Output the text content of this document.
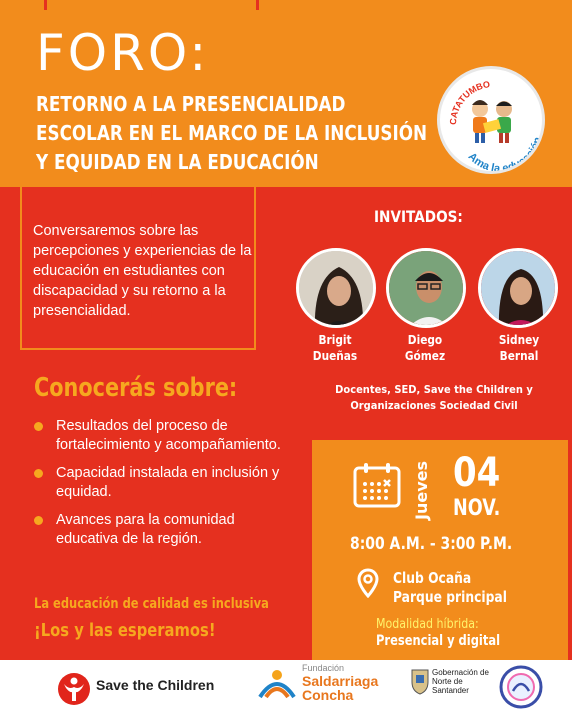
FORO:
RETORNO A LA PRESENCIALIDAD
ESCOLAR EN EL MARCO DE LA INCLUSIÓN
Y EQUIDAD EN LA EDUCACIÓN
CATATUMBO
Ama la educación
Conversaremos sobre las percepciones y experiencias de la educación en estudiantes con discapacidad y su retorno a la presencialidad.
INVITADOS:
Brigit
Dueñas
Diego
Gómez
Sidney
Bernal
Docentes, SED, Save the Children y Organizaciones Sociedad Civil
Conocerás sobre:
Resultados del proceso de fortalecimiento y acompañamiento.
Capacidad instalada en inclusión y equidad.
Avances para la comunidad educativa de la región.
La educación de calidad es inclusiva
¡Los y las esperamos!
Jueves 04
NOV.
8:00 A.M. - 3:00 P.M.
Club Ocaña
Parque principal
Modalidad híbrida:
Presencial y digital
Save the Children
Fundación
Saldarriaga
Concha
Gobernación de Norte de Santander
